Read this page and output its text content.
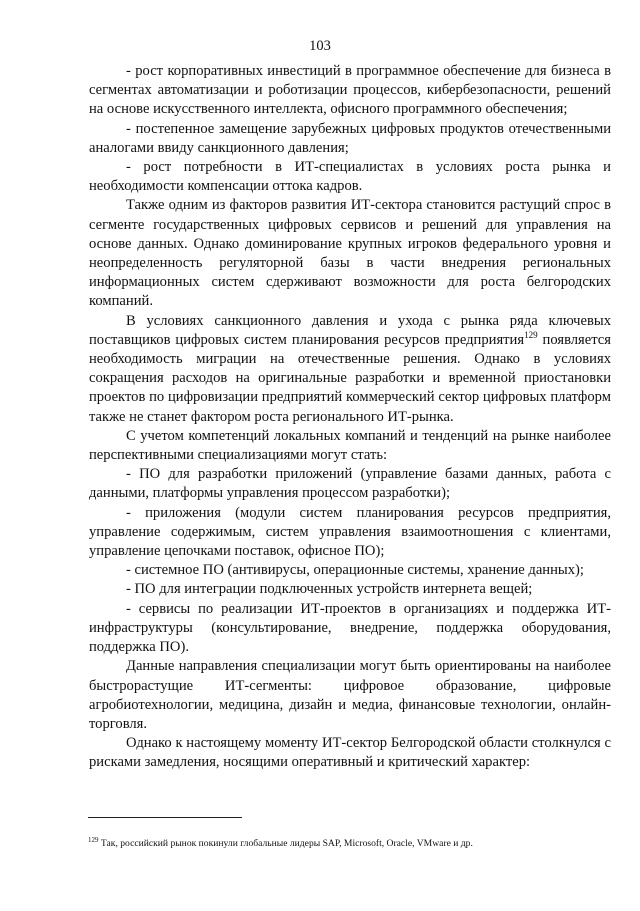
103

- рост корпоративных инвестиций в программное обеспечение для бизнеса в сегментах автоматизации и роботизации процессов, кибербезопасности, решений на основе искусственного интеллекта, офисного программного обеспечения;

- постепенное замещение зарубежных цифровых продуктов отечественными аналогами ввиду санкционного давления;

- рост потребности в ИТ-специалистах в условиях роста рынка и необходимости компенсации оттока кадров.

Также одним из факторов развития ИТ-сектора становится растущий спрос в сегменте государственных цифровых сервисов и решений для управления на основе данных. Однако доминирование крупных игроков федерального уровня и неопределенность регуляторной базы в части внедрения региональных информационных систем сдерживают возможности для роста белгородских компаний.

В условиях санкционного давления и ухода с рынка ряда ключевых поставщиков цифровых систем планирования ресурсов предприятия$^{129}$ появляется необходимость миграции на отечественные решения. Однако в условиях сокращения расходов на оригинальные разработки и временной приостановки проектов по цифровизации предприятий коммерческий сектор цифровых платформ также не станет фактором роста регионального ИТ-рынка.

С учетом компетенций локальных компаний и тенденций на рынке наиболее перспективными специализациями могут стать:

- ПО для разработки приложений (управление базами данных, работа с данными, платформы управления процессом разработки);

- приложения (модули систем планирования ресурсов предприятия, управление содержимым, систем управления взаимоотношения с клиентами, управление цепочками поставок, офисное ПО);

- системное ПО (антивирусы, операционные системы, хранение данных);

- ПО для интеграции подключенных устройств интернета вещей;

- сервисы по реализации ИТ-проектов в организациях и поддержка ИТ-инфраструктуры (консультирование, внедрение, поддержка оборудования, поддержка ПО).

Данные направления специализации могут быть ориентированы на наиболее быстрорастущие ИТ-сегменты: цифровое образование, цифровые агробиотехнологии, медицина, дизайн и медиа, финансовые технологии, онлайн-торговля.

Однако к настоящему моменту ИТ-сектор Белгородской области столкнулся с рисками замедления, носящими оперативный и критический характер:

$^{129}$ Так, российский рынок покинули глобальные лидеры SAP, Microsoft, Oracle, VMware и др.
